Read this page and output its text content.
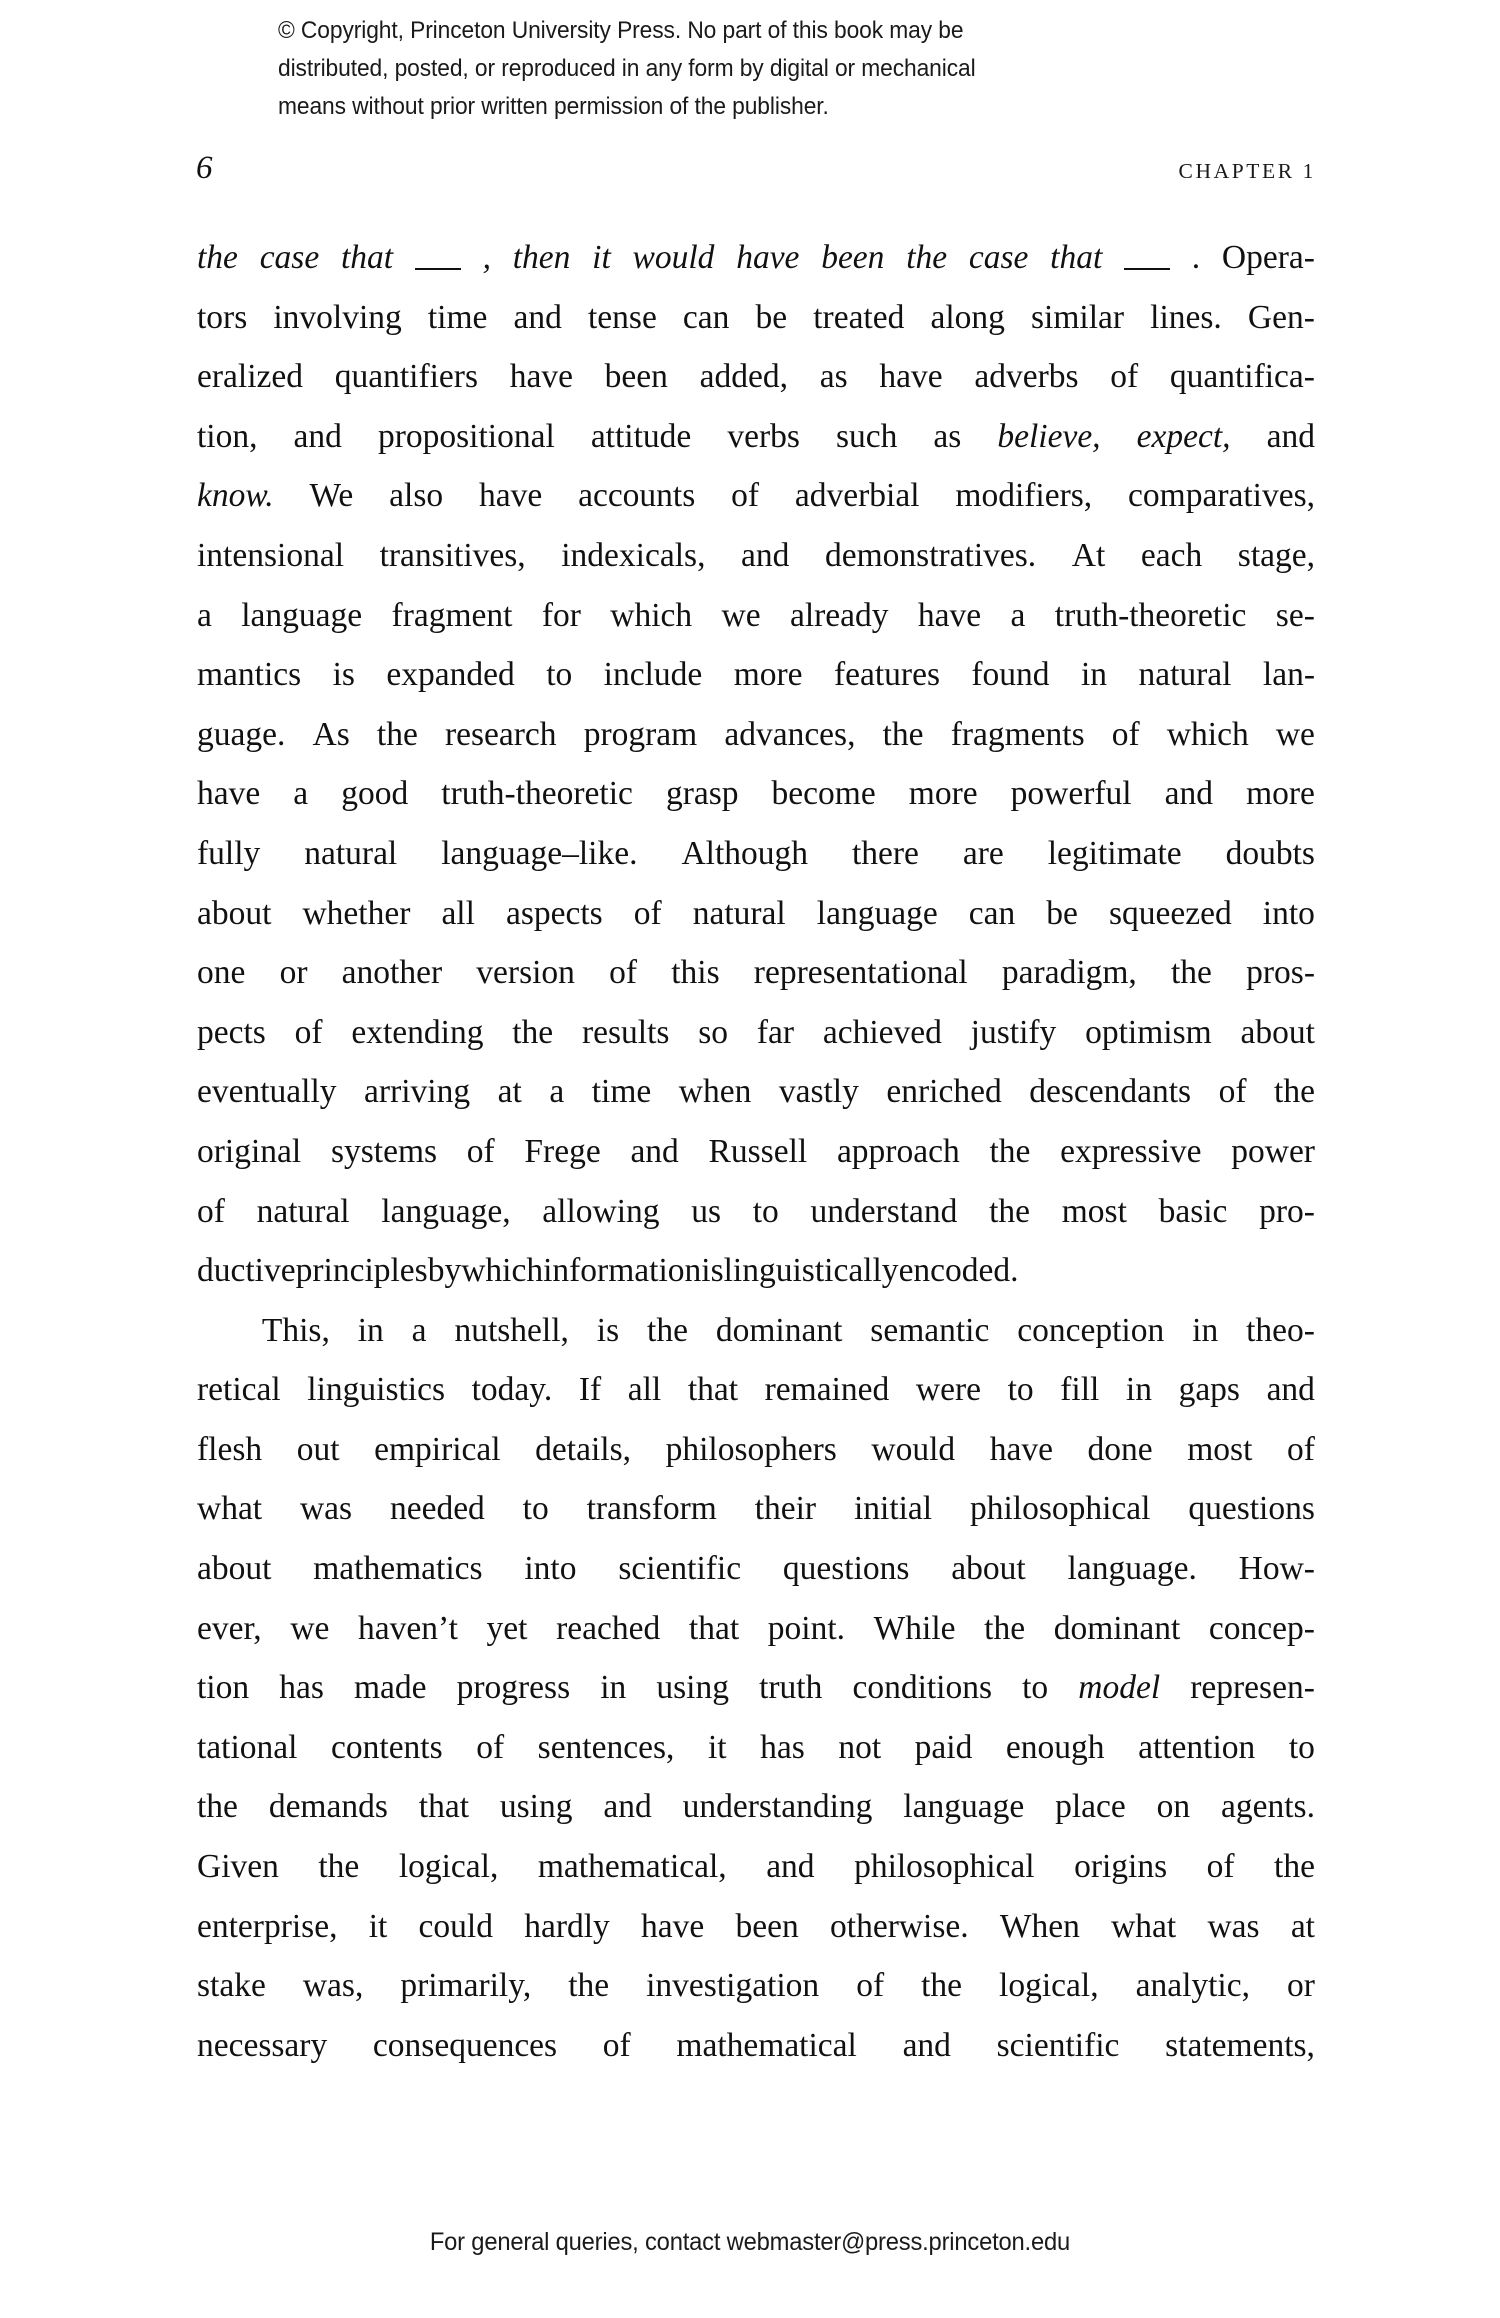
© Copyright, Princeton University Press. No part of this book may be
distributed, posted, or reproduced in any form by digital or mechanical
means without prior written permission of the publisher.
6	CHAPTER 1
the case that	, then it would have been the case that	. Opera-
tors involving time and tense can be treated along similar lines. Gen-
eralized quantifiers have been added, as have adverbs of quantifica-
tion, and propositional attitude verbs such as believe, expect, and
know. We also have accounts of adverbial modifiers, comparatives,
intensional transitives, indexicals, and demonstratives. At each stage,
a language fragment for which we already have a truth-theoretic se-
mantics is expanded to include more features found in natural lan-
guage. As the research program advances, the fragments of which we
have a good truth-theoretic grasp become more powerful and more
fully natural language–like. Although there are legitimate doubts
about whether all aspects of natural language can be squeezed into
one or another version of this representational paradigm, the pros-
pects of extending the results so far achieved justify optimism about
eventually arriving at a time when vastly enriched descendants of the
original systems of Frege and Russell approach the expressive power
of natural language, allowing us to understand the most basic pro-
ductive principles by which information is linguistically encoded.
This, in a nutshell, is the dominant semantic conception in theo-
retical linguistics today. If all that remained were to fill in gaps and
flesh out empirical details, philosophers would have done most of
what was needed to transform their initial philosophical questions
about mathematics into scientific questions about language. How-
ever, we haven’t yet reached that point. While the dominant concep-
tion has made progress in using truth conditions to model represen-
tational contents of sentences, it has not paid enough attention to
the demands that using and understanding language place on agents.
Given the logical, mathematical, and philosophical origins of the
enterprise, it could hardly have been otherwise. When what was at
stake was, primarily, the investigation of the logical, analytic, or
necessary consequences of mathematical and scientific statements,
For general queries, contact webmaster@press.princeton.edu
